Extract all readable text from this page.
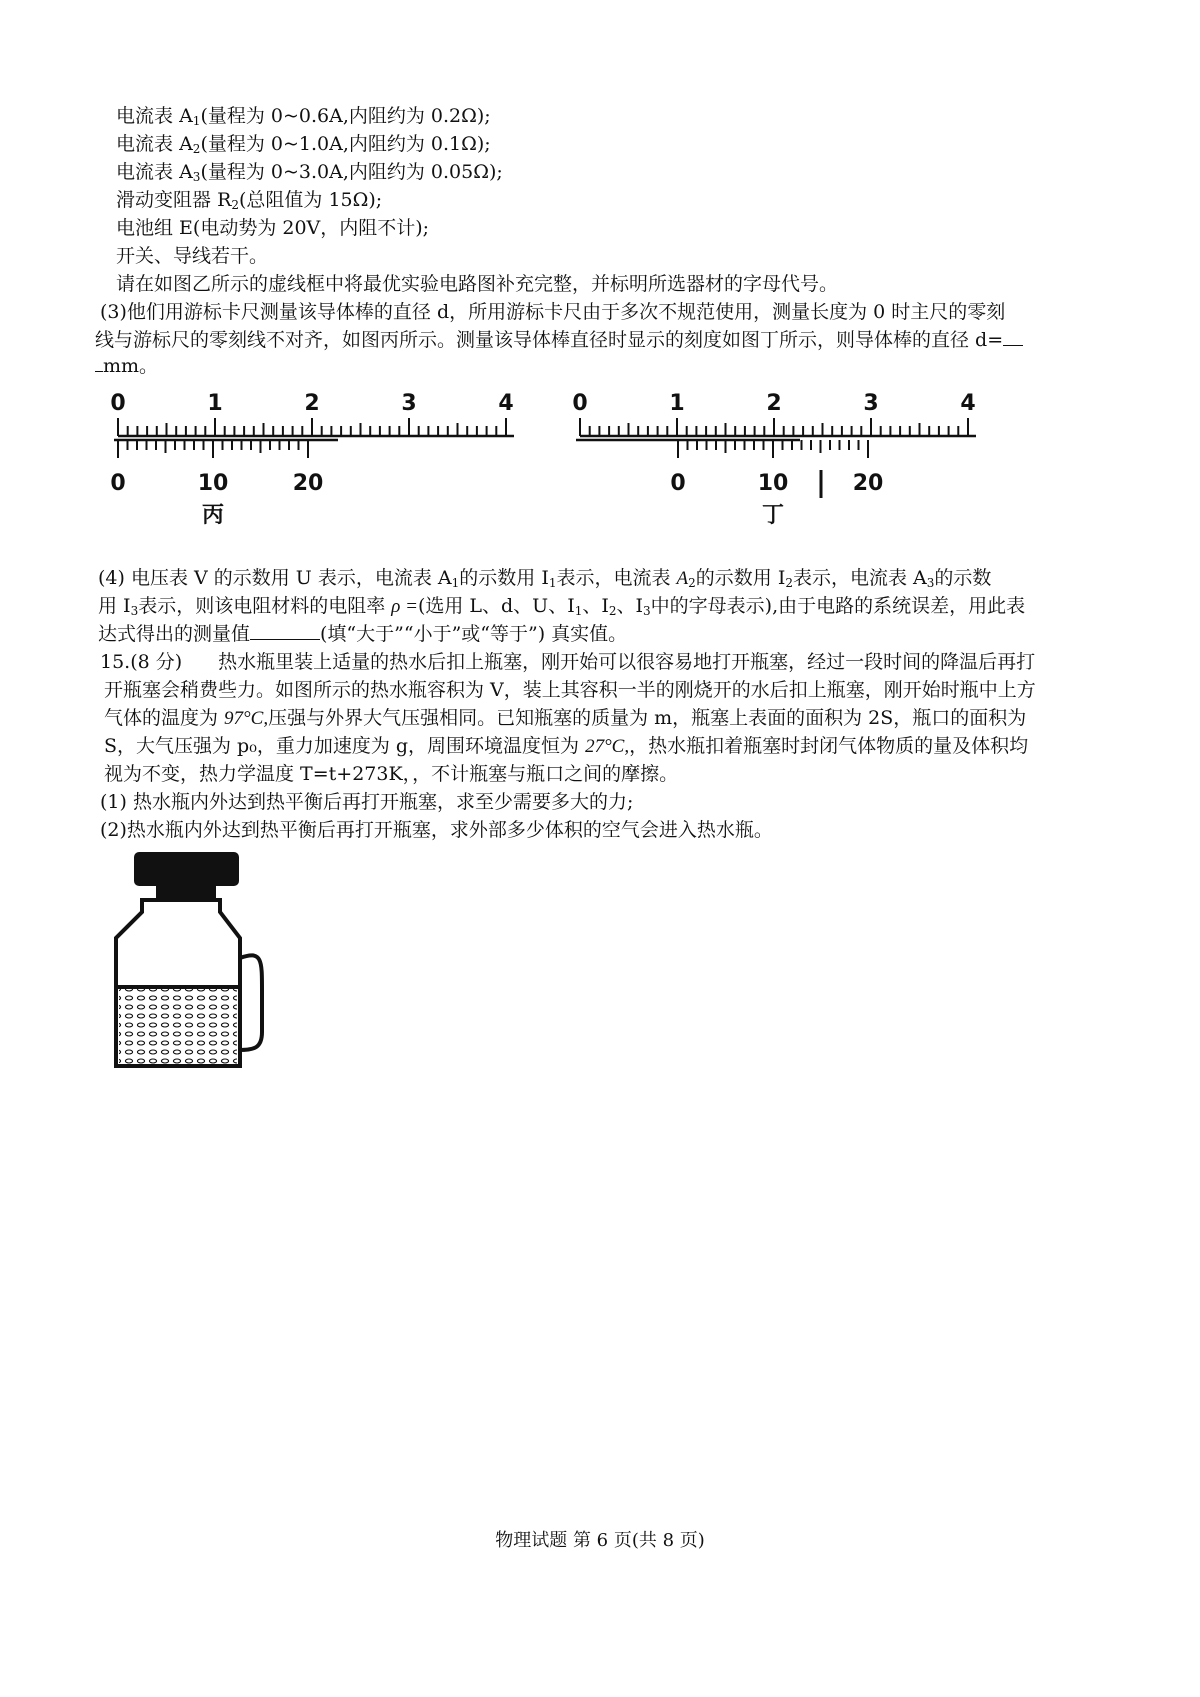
电流表 $A_1$(量程为 0~0.6A,内阻约为 0.2Ω);
电流表 $A_2$(量程为 0~1.0A,内阻约为 0.1Ω);
电流表 $A_3$(量程为 0~3.0A,内阻约为 0.05Ω);
滑动变阻器 $R_2$(总阻值为 15Ω);
电池组 E(电动势为 20V，内阻不计);
开关、导线若干。
请在如图乙所示的虚线框中将最优实验电路图补充完整，并标明所选器材的字母代号。
(3)他们用游标卡尺测量该导体棒的直径 d，所用游标卡尺由于多次不规范使用，测量长度为 0 时主尺的零刻
线与游标尺的零刻线不对齐，如图丙所示。测量该导体棒直径时显示的刻度如图丁所示，则导体棒的直径 d=
mm。
0	1	2	3	4
0	10	20
丙
0	1	2	3	4
0	10	20
丁
(4) 电压表 V 的示数用 U 表示，电流表 $A_1$的示数用 $I_1$表示，电流表 $A_2$的示数用 $I_2$表示，电流表 $A_3$的示数
用 $I_3$表示，则该电阻材料的电阻率 ρ =(选用 L、d、U、$I_1$、$I_2$、$I_3$中的字母表示),由于电路的系统误差，用此表
达式得出的测量值	(填“大于”“小于”或“等于”) 真实值。
15.(8 分) 热水瓶里装上适量的热水后扣上瓶塞，刚开始可以很容易地打开瓶塞，经过一段时间的降温后再打
开瓶塞会稍费些力。如图所示的热水瓶容积为 V，装上其容积一半的刚烧开的水后扣上瓶塞，刚开始时瓶中上方
气体的温度为 97°C,压强与外界大气压强相同。已知瓶塞的质量为 m，瓶塞上表面的面积为 2S，瓶口的面积为
S，大气压强为 p₀，重力加速度为 g，周围环境温度恒为 27°C,，热水瓶扣着瓶塞时封闭气体物质的量及体积均
视为不变，热力学温度 T=t+273K，，不计瓶塞与瓶口之间的摩擦。
(1) 热水瓶内外达到热平衡后再打开瓶塞，求至少需要多大的力;
(2)热水瓶内外达到热平衡后再打开瓶塞，求外部多少体积的空气会进入热水瓶。
物理试题 第 6 页(共 8 页)
